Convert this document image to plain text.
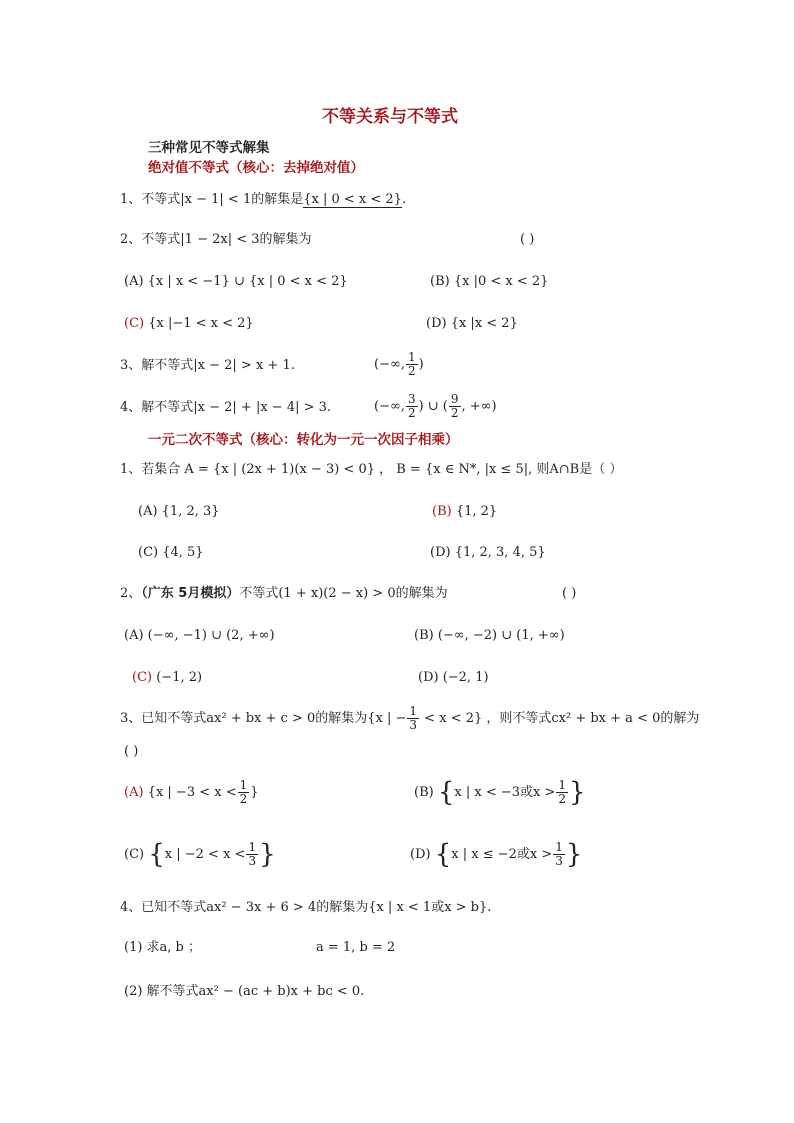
不等关系与不等式
三种常见不等式解集
绝对值不等式（核心：去掉绝对值）
1、不等式|x − 1| < 1的解集是{x | 0 < x < 2}.
2、不等式|1 − 2x| < 3的解集为	( )
(A) {x | x < −1} ∪ {x | 0 < x < 2}	(B) {x |0 < x < 2}
(C) {x |−1 < x < 2}	(D) {x |x < 2}
3、解不等式|x − 2| > x + 1.	(−∞, $\frac{1}{2}$ )
4、解不等式|x − 2| + |x − 4| > 3.	(−∞, $\frac{3}{2}$ ) ∪ ( $\frac{9}{2}$ , +∞)
一元二次不等式（核心：转化为一元一次因子相乘）
1、若集合 A = {x | (2x + 1)(x − 3) < 0} ， B = {x ∈ N*, |x ≤ 5|, 则A∩B是（ ）
(A) {1, 2, 3}	(B) {1, 2}
(C) {4, 5}	(D) {1, 2, 3, 4, 5}
2、（广东 5月模拟）不等式(1 + x)(2 − x) > 0的解集为	( )
(A) (−∞, −1) ∪ (2, +∞)	(B) (−∞, −2) ∪ (1, +∞)
(C) (−1, 2)	(D) (−2, 1)
3、已知不等式ax² + bx + c > 0的解集为{x | − $\frac{1}{3} < x < 2$} ，则不等式cx² + bx + a < 0的解为
( )
(A) {x | $-3 < x < \frac{1}{2}$ }	(B) {x | x < −3或$x > \frac{1}{2}$ }
(C) {x | $-2 < x < \frac{1}{3}$ }	(D) {x | x ≤ −2或$x > \frac{1}{3}$ }
4、已知不等式ax² − 3x + 6 > 4的解集为{x | x < 1或x > b}.
(1) 求a, b ；	a = 1, b = 2
(2) 解不等式ax² − (ac + b)x + bc < 0.
